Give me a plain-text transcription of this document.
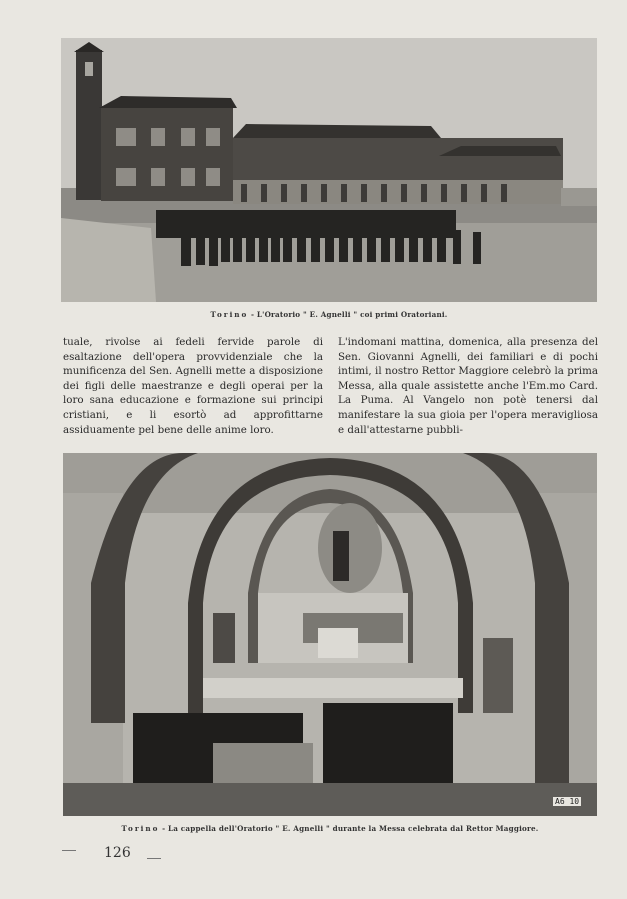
Torino - L'Oratorio " E. Agnelli " coi primi Oratoriani.

tuale, rivolse ai fedeli fervide parole di esaltazione dell'opera provvidenziale che la munificenza del Sen. Agnelli mette a disposizione dei figli delle maestranze e degli operai per la loro sana educazione e formazione sui principi cristiani, e li esortò ad approfittarne assiduamente pel bene delle anime loro.

L'indomani mattina, domenica, alla presenza del Sen. Giovanni Agnelli, dei familiari e di pochi intimi, il nostro Rettor Maggiore celebrò la prima Messa, alla quale assistette anche l'Em.mo Card. La Puma. Al Vangelo non potè tenersi dal manifestare la sua gioia per l'opera meravigliosa e dall'attestarne pubbli-

A6 10
Torino - La cappella dell'Oratorio " E. Agnelli " durante la Messa celebrata dal Rettor Maggiore.
126
